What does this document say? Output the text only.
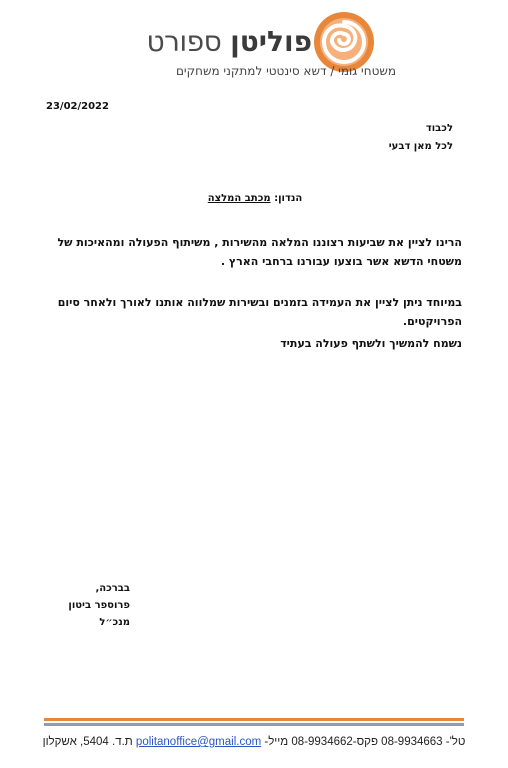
פוליטן ספורט
משטחי גומי / דשא סינטטי למתקני משחקים
23/02/2022
לכבוד
לכל מאן דבעי
הנדון: מכתב המלצה
הרינו לציין את שביעות רצוננו המלאה מהשירות , משיתוף הפעולה ומהאיכות של משטחי הדשא אשר בוצעו עבורנו ברחבי הארץ .
במיוחד ניתן לציין את העמידה בזמנים ובשירות שמלווה אותנו לאורך ולאחר סיום הפרויקטים.
נשמח להמשיך ולשתף פעולה בעתיד
בברכה,
פרוספר ביטון
מנכ״ל
טל'- 08-9934663 פקס-08-9934662 מייל- politanoffice@gmail.com ת.ד. 5404, אשקלון
